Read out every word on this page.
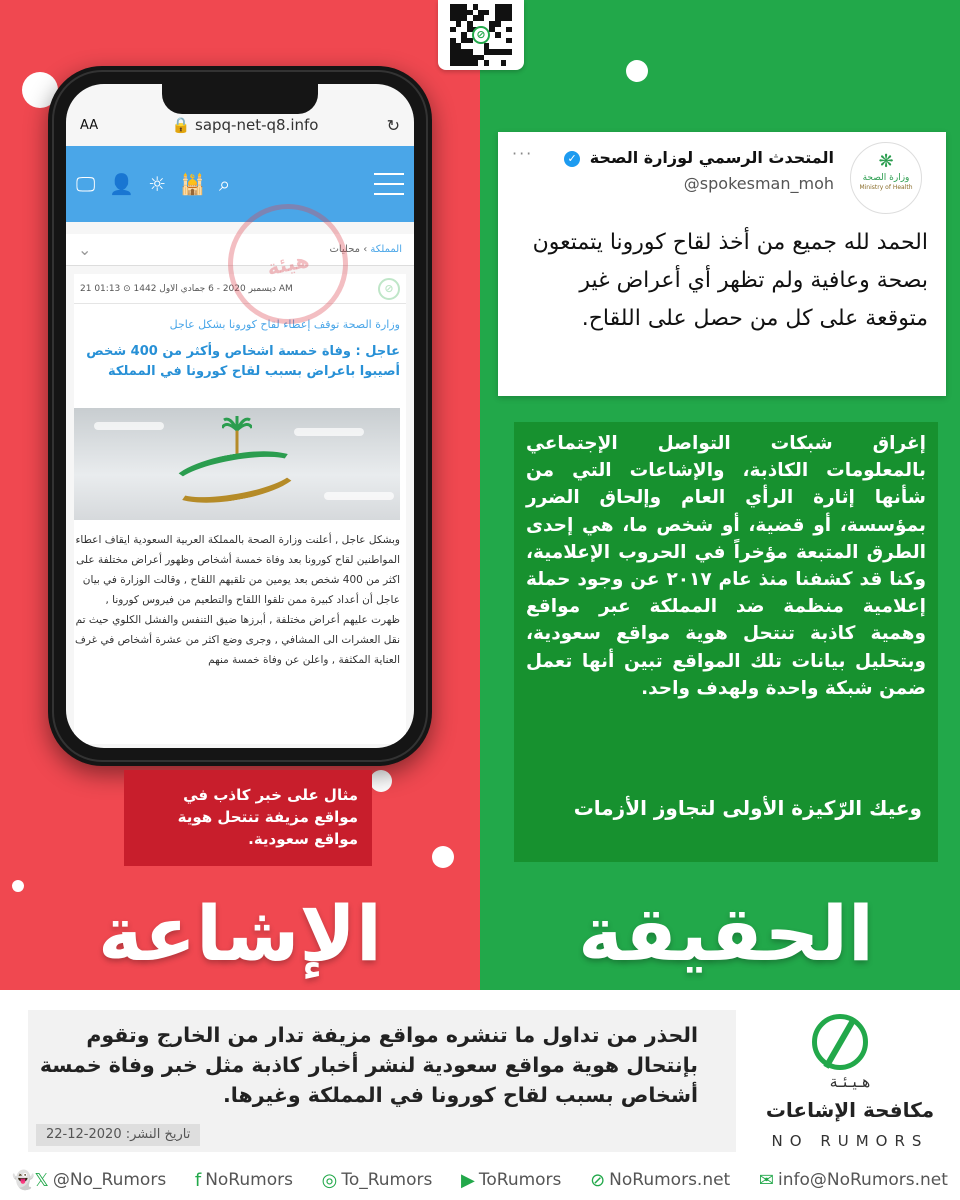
⊘
AA	🔒 sapq-net-q8.info	↻
🖵 👤 ☼ 🕌 ⌕
⌄	المملكة › محليات
21 ديسمبر 2020 - 6 جمادي الاول 1442 ⊙ 01:13 AM	⊘
وزارة الصحة توقف إعطاء لقاح كورونا بشكل عاجل
عاجل : وفاة خمسة اشخاص وأكثر من 400 شخص أصيبوا باعراض بسبب لقاح كورونا في المملكة
وبشكل عاجل , أعلنت وزارة الصحة بالمملكة العربية السعودية ايقاف اعطاء المواطنين لقاح كورونا بعد وفاة خمسة أشخاص وظهور أعراض مختلفة على اكثر من 400 شخص بعد يومين من تلقيهم اللقاح , وقالت الوزارة في بيان عاجل أن أعداد كبيرة ممن تلقوا اللقاح والتطعيم من فيروس كورونا , ظهرت عليهم أعراض مختلفة , أبرزها ضيق التنفس والفشل الكلوي حيث تم نقل العشرات الى المشافي , وجرى وضع اكثر من عشرة أشخاص في غرف العناية المكثفة , واعلن عن وفاة خمسة منهم
هيئة
مثال على خبر كاذب في مواقع مزيفة تنتحل هوية مواقع سعودية.
الإشاعة
···	المتحدث الرسمي لوزارة الصحة ✓
@spokesman_moh
❋
وزارة الصحة
Ministry of Health
الحمد لله جميع من أخذ لقاح كورونا يتمتعون بصحة وعافية ولم تظهر أي أعراض غير متوقعة على كل من حصل على اللقاح.
إغراق شبكات التواصل الإجتماعي بالمعلومات الكاذبة، والإشاعات التي من شأنها إثارة الرأي العام وإلحاق الضرر بمؤسسة، أو قضية، أو شخص ما، هي إحدى الطرق المتبعة مؤخراً في الحروب الإعلامية، وكنا قد كشفنا منذ عام ٢٠١٧ عن وجود حملة إعلامية منظمة ضد المملكة عبر مواقع وهمية كاذبة تنتحل هوية مواقع سعودية، وبتحليل بيانات تلك المواقع تبين أنها تعمل ضمن شبكة واحدة ولهدف واحد.
وعيك الرّكيزة الأولى لتجاوز الأزمات
الحقيقة
الحذر من تداول ما تنشره مواقع مزيفة تدار من الخارج وتقوم بإنتحال هوية مواقع سعودية لنشر أخبار كاذبة مثل خبر وفاة خمسة أشخاص بسبب لقاح كورونا في المملكة وغيرها.
تاريخ النشر: 2020-12-22
هـيـئـة
مكافحة الإشاعات
NO RUMORS
👻𝕏 @No_Rumors f NoRumors ◎ To_Rumors ▶ ToRumors ⊘ NoRumors.net ✉ info@NoRumors.net
